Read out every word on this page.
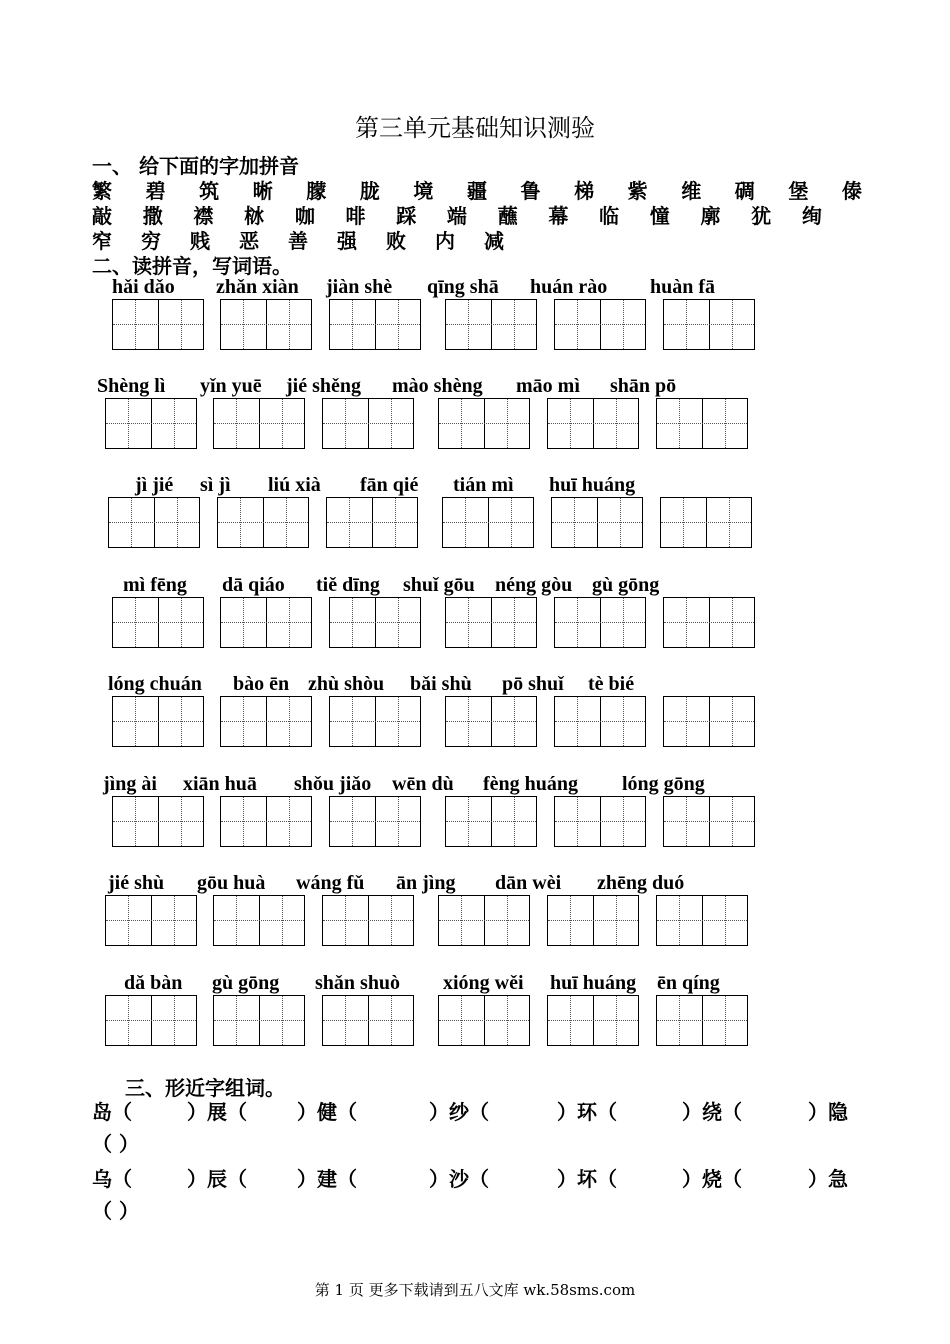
第三单元基础知识测验
一、 给下面的字加拼音
繁 碧 筑 晰 朦 胧 境 疆 鲁 梯 紫 维 碉 堡 傣
敲 撒 襟 栤 咖 啡 踩 端 蘸 幕 临 憧 廓 犹 绚
窄 穷 贱 恶 善 强 败 内 减
二、读拼音，写词语。
hǎi dǎo zhǎn xiàn jiàn shè qīng shā huán rào huàn fā
Shèng lì yǐn yuē jié shěng mào shèng māo mì shān pō
jì jié sì jì liú xià fān qié tián mì huī huáng
mì fēng dā qiáo tiě dīng shuǐ gōu néng gòu gù gōng
lóng chuán bào ēn zhù shòu bǎi shù pō shuǐ tè bié
jìng ài xiān huā shǒu jiǎo wēn dù fèng huáng lóng gōng
jié shù gōu huà wáng fǔ ān jìng dān wèi zhēng duó
dǎ bàn gù gōng shǎn shuò xióng wěi huī huáng ēn qíng
三、形近字组词。
岛（	）展（	）健（	）纱（	）环（	）绕（	）隐
（ ）
乌（	）辰（	）建（	）沙（	）坏（	）烧（	）急
（ ）
第 1 页 更多下载请到五八文库 wk.58sms.com
